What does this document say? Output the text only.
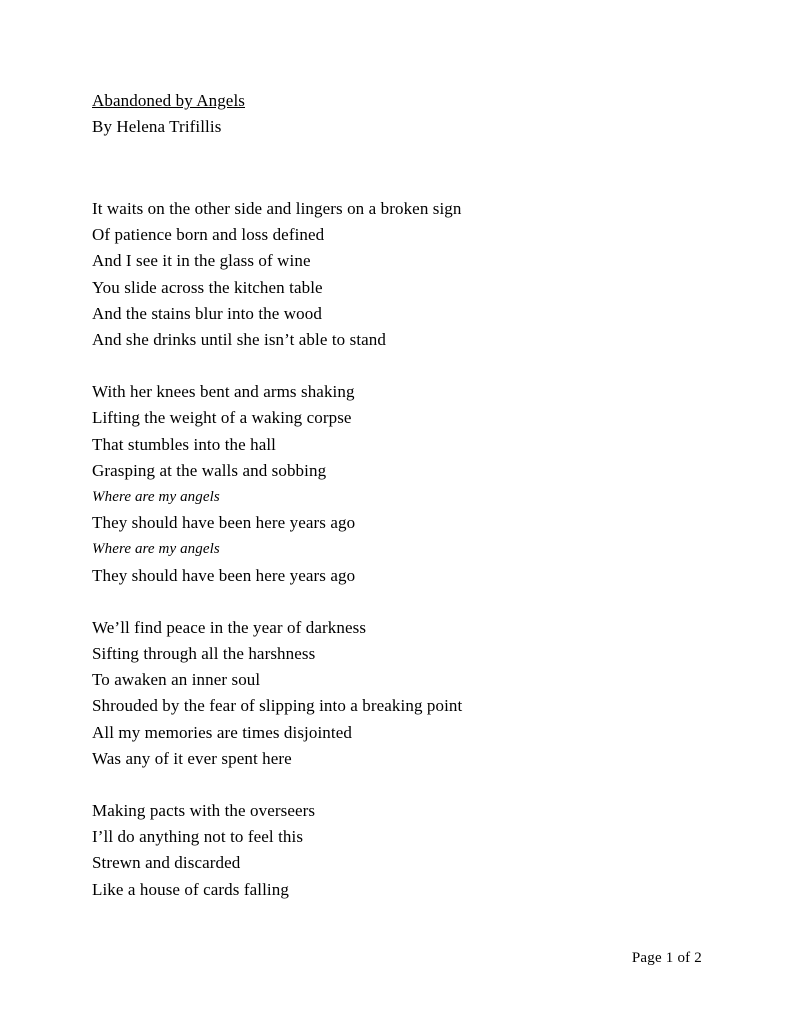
Abandoned by Angels
By Helena Trifillis
It waits on the other side and lingers on a broken sign
Of patience born and loss defined
And I see it in the glass of wine
You slide across the kitchen table
And the stains blur into the wood
And she drinks until she isn’t able to stand
With her knees bent and arms shaking
Lifting the weight of a waking corpse
That stumbles into the hall
Grasping at the walls and sobbing
Where are my angels
They should have been here years ago
Where are my angels
They should have been here years ago
We’ll find peace in the year of darkness
Sifting through all the harshness
To awaken an inner soul
Shrouded by the fear of slipping into a breaking point
All my memories are times disjointed
Was any of it ever spent here
Making pacts with the overseers
I’ll do anything not to feel this
Strewn and discarded
Like a house of cards falling
Page 1 of 2
